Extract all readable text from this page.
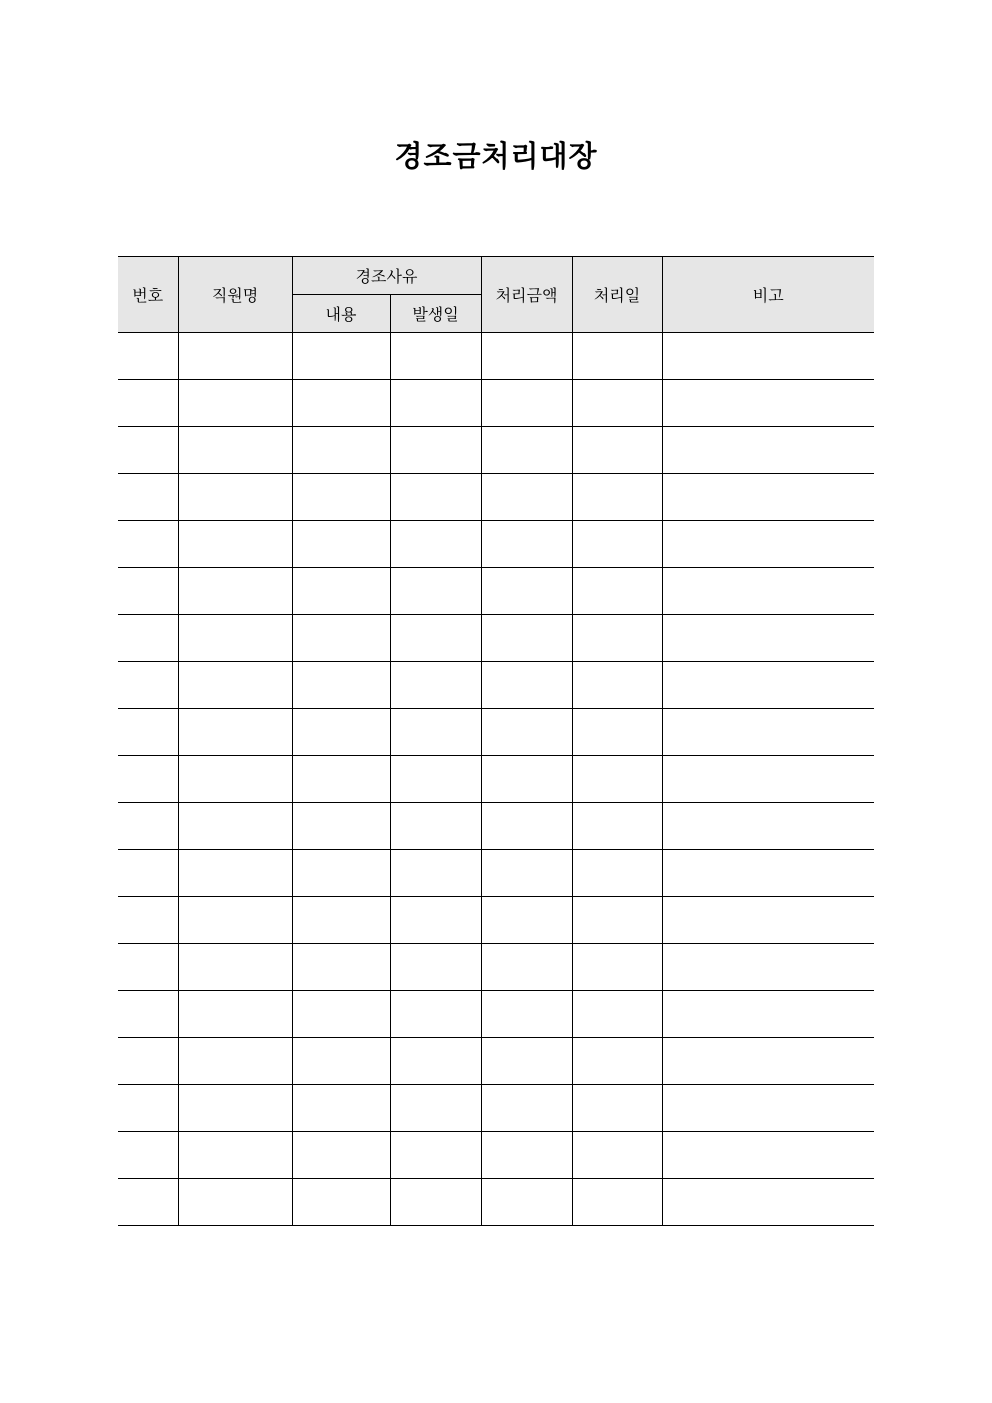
경조금처리대장
번호	직원명	경조사유		처리금액	처리일	비고
		내용	발생일			
